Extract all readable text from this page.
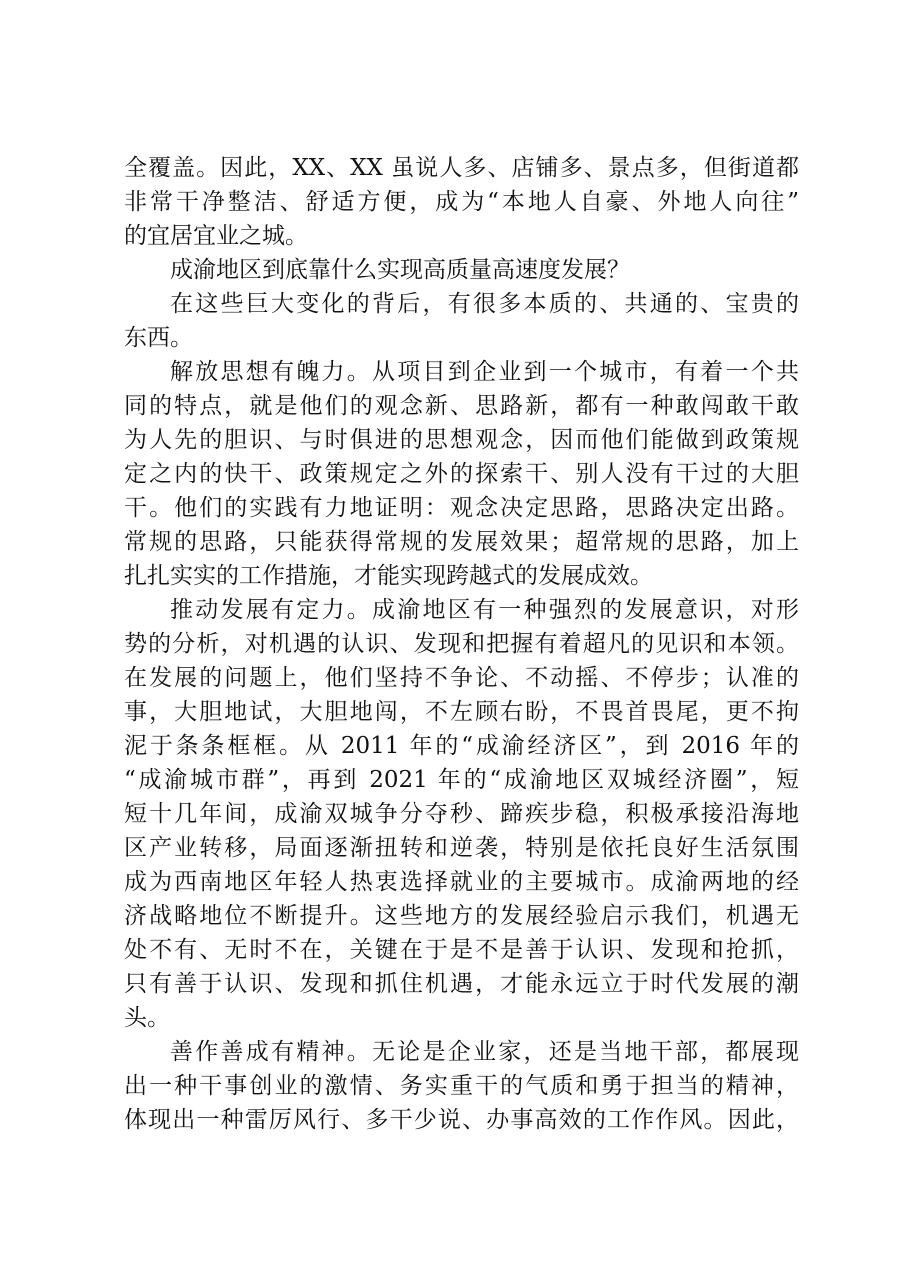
全覆盖。因此，XX、XX 虽说人多、店铺多、景点多，但街道都
非常干净整洁、舒适方便，成为“本地人自豪、外地人向往”
的宜居宜业之城。
成渝地区到底靠什么实现高质量高速度发展？
在这些巨大变化的背后，有很多本质的、共通的、宝贵的
东西。
解放思想有魄力。从项目到企业到一个城市，有着一个共
同的特点，就是他们的观念新、思路新，都有一种敢闯敢干敢
为人先的胆识、与时俱进的思想观念，因而他们能做到政策规
定之内的快干、政策规定之外的探索干、别人没有干过的大胆
干。他们的实践有力地证明：观念决定思路，思路决定出路。
常规的思路，只能获得常规的发展效果；超常规的思路，加上
扎扎实实的工作措施，才能实现跨越式的发展成效。
推动发展有定力。成渝地区有一种强烈的发展意识，对形
势的分析，对机遇的认识、发现和把握有着超凡的见识和本领。
在发展的问题上，他们坚持不争论、不动摇、不停步；认准的
事，大胆地试，大胆地闯，不左顾右盼，不畏首畏尾，更不拘
泥于条条框框。从 2011 年的“成渝经济区”，到 2016 年的
“成渝城市群”，再到 2021 年的“成渝地区双城经济圈”，短
短十几年间，成渝双城争分夺秒、蹄疾步稳，积极承接沿海地
区产业转移，局面逐渐扭转和逆袭，特别是依托良好生活氛围
成为西南地区年轻人热衷选择就业的主要城市。成渝两地的经
济战略地位不断提升。这些地方的发展经验启示我们，机遇无
处不有、无时不在，关键在于是不是善于认识、发现和抢抓，
只有善于认识、发现和抓住机遇，才能永远立于时代发展的潮
头。
善作善成有精神。无论是企业家，还是当地干部，都展现
出一种干事创业的激情、务实重干的气质和勇于担当的精神，
体现出一种雷厉风行、多干少说、办事高效的工作作风。因此，
